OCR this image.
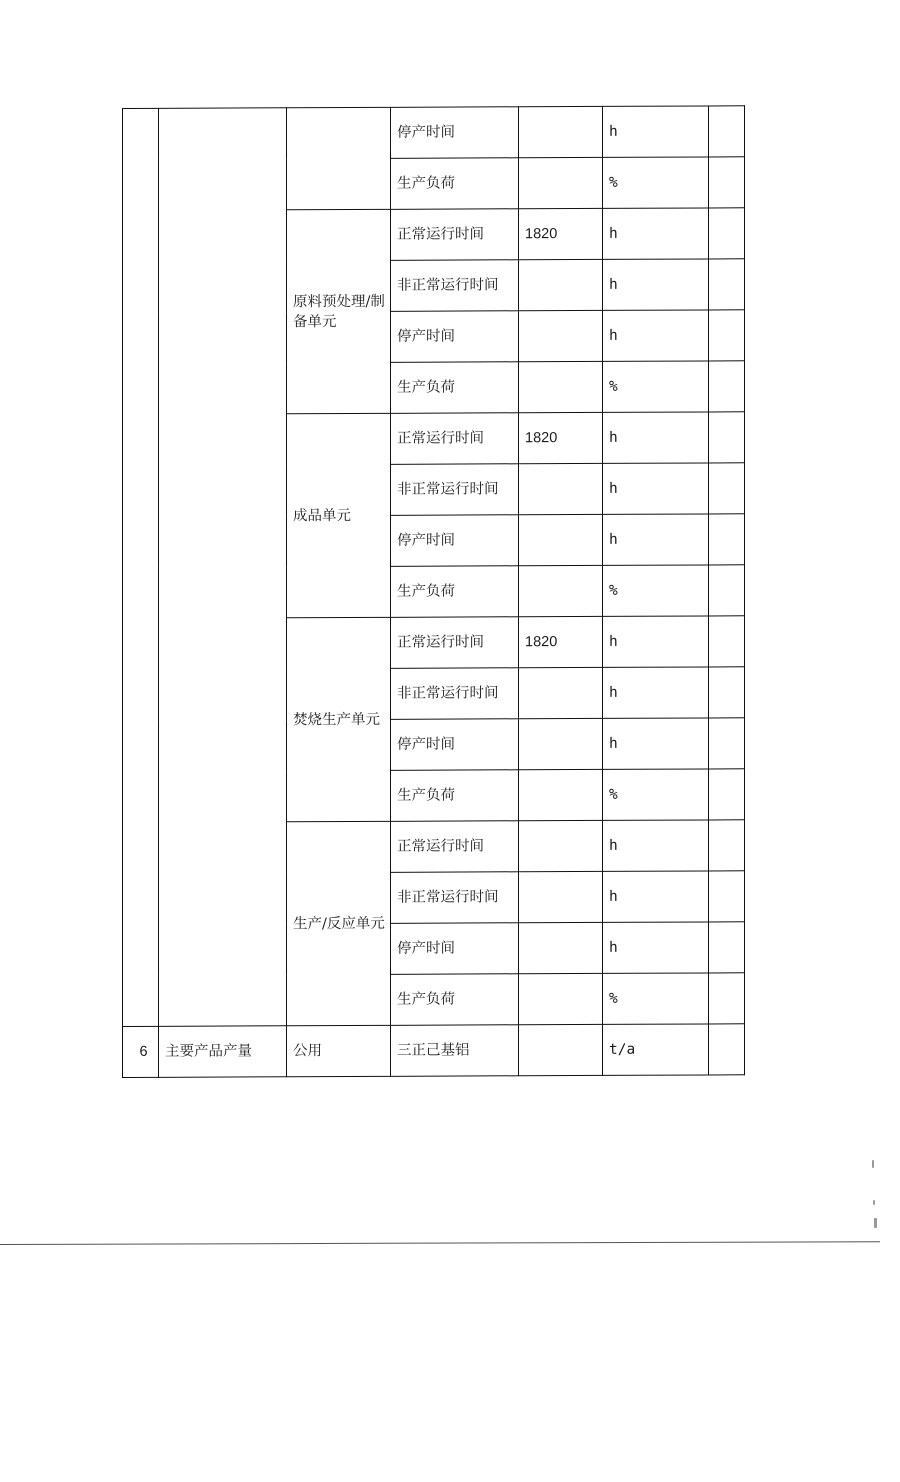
			停产时间		h	
			生产负荷		%	
		原料预处理/制备单元	正常运行时间	1820	h	
			非正常运行时间		h	
			停产时间		h	
			生产负荷		%	
		成品单元	正常运行时间	1820	h	
			非正常运行时间		h	
			停产时间		h	
			生产负荷		%	
		焚烧生产单元	正常运行时间	1820	h	
			非正常运行时间		h	
			停产时间		h	
			生产负荷		%	
		生产/反应单元	正常运行时间		h	
			非正常运行时间		h	
			停产时间		h	
			生产负荷		%	
6	主要产品产量	公用	三正己基铝		t/a	
